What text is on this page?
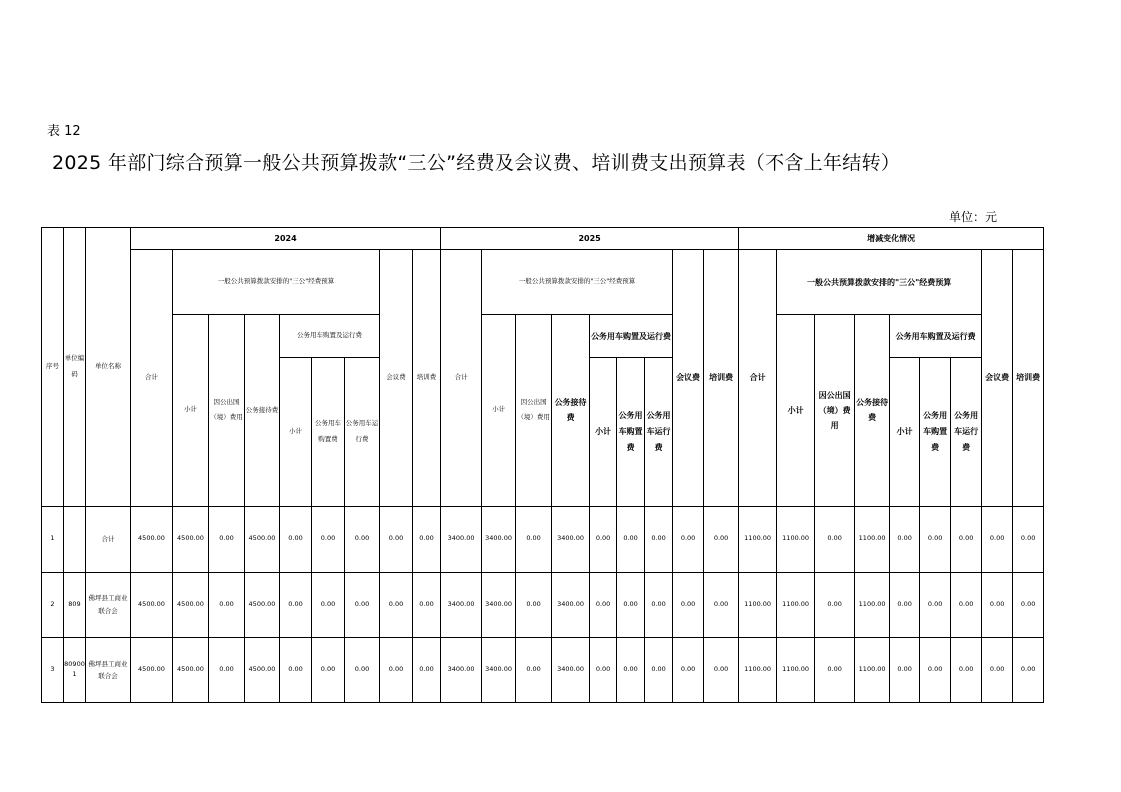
表 12
2025 年部门综合预算一般公共预算拨款“三公”经费及会议费、培训费支出预算表（不含上年结转）
单位：元
序号	单位编码	单位名称	2024									2025									增减变化情况								
			合计	一般公共预算拨款安排的"三公"经费预算						会议费	培训费	合计	一般公共预算拨款安排的"三公"经费预算						会议费	培训费	合计	一般公共预算拨款安排的"三公"经费预算						会议费	培训费
				小计	因公出国（境）费用	公务接待费	公务用车购置及运行费						小计	因公出国（境）费用	公务接待费	公务用车购置及运行费						小计	因公出国（境）费用	公务接待费	公务用车购置及运行费				
							小计	公务用车购置费	公务用车运行费							小计	公务用车购置费	公务用车运行费							小计	公务用车购置费	公务用车运行费		
1		合计	4500.00	4500.00	0.00	4500.00	0.00	0.00	0.00	0.00	0.00	3400.00	3400.00	0.00	3400.00	0.00	0.00	0.00	0.00	0.00	1100.00	1100.00	0.00	1100.00	0.00	0.00	0.00	0.00	0.00
2	809	佛坪县工商业联合会	4500.00	4500.00	0.00	4500.00	0.00	0.00	0.00	0.00	0.00	3400.00	3400.00	0.00	3400.00	0.00	0.00	0.00	0.00	0.00	1100.00	1100.00	0.00	1100.00	0.00	0.00	0.00	0.00	0.00
3	809001	佛坪县工商业联合会	4500.00	4500.00	0.00	4500.00	0.00	0.00	0.00	0.00	0.00	3400.00	3400.00	0.00	3400.00	0.00	0.00	0.00	0.00	0.00	1100.00	1100.00	0.00	1100.00	0.00	0.00	0.00	0.00	0.00
